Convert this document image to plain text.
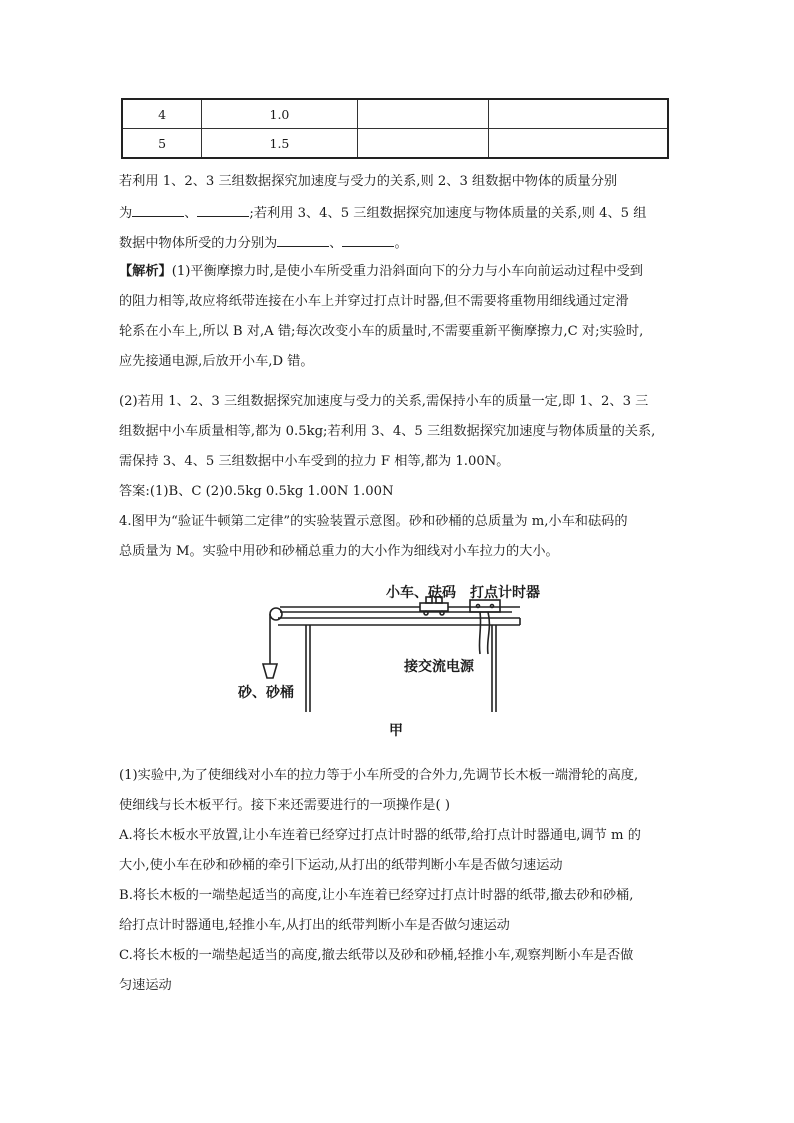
4	1.0		
5	1.5		
若利用 1、2、3 三组数据探究加速度与受力的关系,则 2、3 组数据中物体的质量分别
为	、	;若利用 3、4、5 三组数据探究加速度与物体质量的关系,则 4、5 组
数据中物体所受的力分别为	、	。
【解析】(1)平衡摩擦力时,是使小车所受重力沿斜面向下的分力与小车向前运动过程中受到
的阻力相等,故应将纸带连接在小车上并穿过打点计时器,但不需要将重物用细线通过定滑
轮系在小车上,所以 B 对,A 错;每次改变小车的质量时,不需要重新平衡摩擦力,C 对;实验时,
应先接通电源,后放开小车,D 错。
(2)若用 1、2、3 三组数据探究加速度与受力的关系,需保持小车的质量一定,即 1、2、3 三
组数据中小车质量相等,都为 0.5kg;若利用 3、4、5 三组数据探究加速度与物体质量的关系,
需保持 3、4、5 三组数据中小车受到的拉力 F 相等,都为 1.00N。
答案:(1)B、C (2)0.5kg 0.5kg 1.00N 1.00N
4.图甲为“验证牛顿第二定律”的实验装置示意图。砂和砂桶的总质量为 m,小车和砝码的
总质量为 M。实验中用砂和砂桶总重力的大小作为细线对小车拉力的大小。
小车、砝码 打点计时器
接交流电源
砂、砂桶
甲
(1)实验中,为了使细线对小车的拉力等于小车所受的合外力,先调节长木板一端滑轮的高度,
使细线与长木板平行。接下来还需要进行的一项操作是( )
A.将长木板水平放置,让小车连着已经穿过打点计时器的纸带,给打点计时器通电,调节 m 的
大小,使小车在砂和砂桶的牵引下运动,从打出的纸带判断小车是否做匀速运动
B.将长木板的一端垫起适当的高度,让小车连着已经穿过打点计时器的纸带,撤去砂和砂桶,
给打点计时器通电,轻推小车,从打出的纸带判断小车是否做匀速运动
C.将长木板的一端垫起适当的高度,撤去纸带以及砂和砂桶,轻推小车,观察判断小车是否做
匀速运动
